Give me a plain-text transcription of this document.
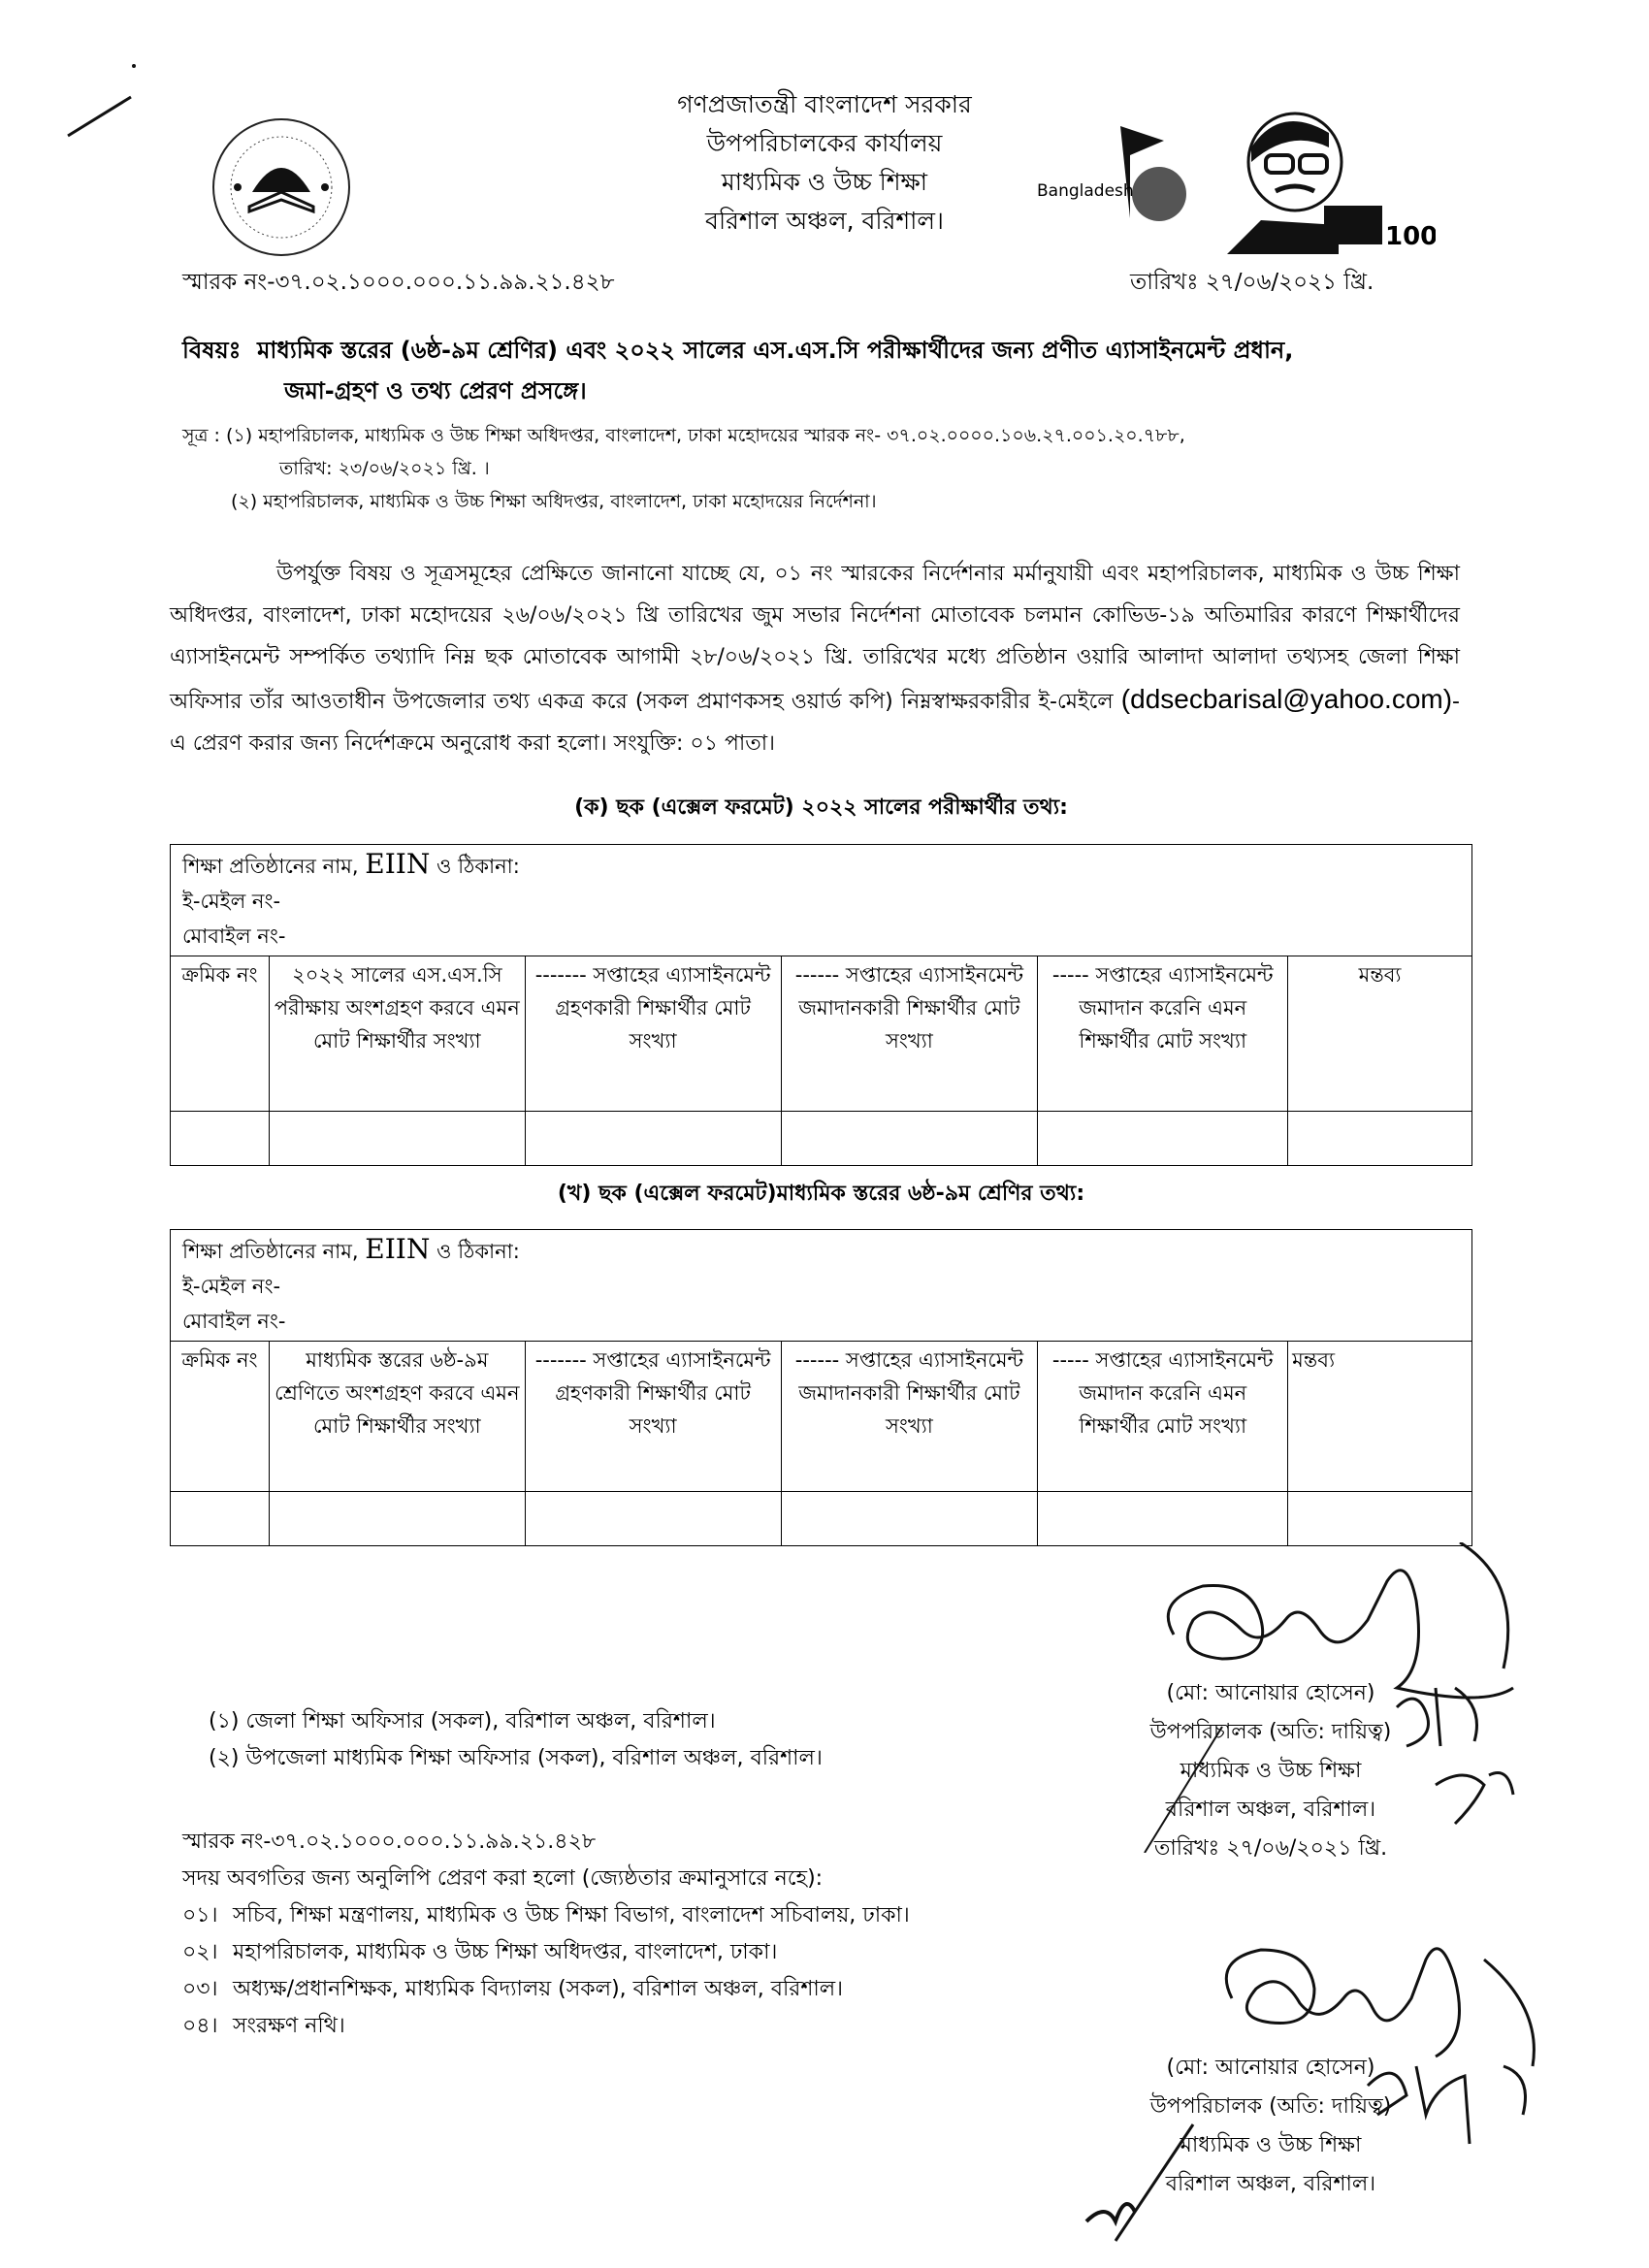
গণপ্রজাতন্ত্রী বাংলাদেশ সরকার
উপপরিচালকের কার্যালয়
মাধ্যমিক ও উচ্চ শিক্ষা
বরিশাল অঞ্চল, বরিশাল।
Bangladesh
100
স্মারক নং-৩৭.০২.১০০০.০০০.১১.৯৯.২১.৪২৮	তারিখঃ ২৭/০৬/২০২১ খ্রি.
বিষয়ঃ মাধ্যমিক স্তরের (৬ষ্ঠ-৯ম শ্রেণির) এবং ২০২২ সালের এস.এস.সি পরীক্ষার্থীদের জন্য প্রণীত এ্যাসাইনমেন্ট প্রধান,
জমা-গ্রহণ ও তথ্য প্রেরণ প্রসঙ্গে।
সূত্র : (১) মহাপরিচালক, মাধ্যমিক ও উচ্চ শিক্ষা অধিদপ্তর, বাংলাদেশ, ঢাকা মহোদয়ের স্মারক নং- ৩৭.০২.০০০০.১০৬.২৭.০০১.২০.৭৮৮,
তারিখ: ২৩/০৬/২০২১ খ্রি. ।
(২) মহাপরিচালক, মাধ্যমিক ও উচ্চ শিক্ষা অধিদপ্তর, বাংলাদেশ, ঢাকা মহোদয়ের নির্দেশনা।
উপর্যুক্ত বিষয় ও সূত্রসমূহের প্রেক্ষিতে জানানো যাচ্ছে যে, ০১ নং স্মারকের নির্দেশনার মর্মানুযায়ী এবং মহাপরিচালক, মাধ্যমিক ও উচ্চ শিক্ষা অধিদপ্তর, বাংলাদেশ, ঢাকা মহোদয়ের ২৬/০৬/২০২১ খ্রি তারিখের জুম সভার নির্দেশনা মোতাবেক চলমান কোভিড-১৯ অতিমারির কারণে শিক্ষার্থীদের এ্যাসাইনমেন্ট সম্পর্কিত তথ্যাদি নিম্ন ছক মোতাবেক আগামী ২৮/০৬/২০২১ খ্রি. তারিখের মধ্যে প্রতিষ্ঠান ওয়ারি আলাদা আলাদা তথ্যসহ জেলা শিক্ষা অফিসার তাঁর আওতাধীন উপজেলার তথ্য একত্র করে (সকল প্রমাণকসহ ওয়ার্ড কপি) নিম্নস্বাক্ষরকারীর ই-মেইলে (ddsecbarisal@yahoo.com)-এ প্রেরণ করার জন্য নির্দেশক্রমে অনুরোধ করা হলো। সংযুক্তি: ০১ পাতা।
(ক) ছক (এক্সেল ফরমেট) ২০২২ সালের পরীক্ষার্থীর তথ্য:
শিক্ষা প্রতিষ্ঠানের নাম, EIIN ও ঠিকানা:
ই-মেইল নং-
মোবাইল নং-					

ক্রমিক নং	২০২২ সালের এস.এস.সি পরীক্ষায় অংশগ্রহণ করবে এমন মোট শিক্ষার্থীর সংখ্যা	------- সপ্তাহের এ্যাসাইনমেন্ট গ্রহণকারী শিক্ষার্থীর মোট সংখ্যা	------ সপ্তাহের এ্যাসাইনমেন্ট জমাদানকারী শিক্ষার্থীর মোট সংখ্যা	----- সপ্তাহের এ্যাসাইনমেন্ট জমাদান করেনি এমন শিক্ষার্থীর মোট সংখ্যা	মন্তব্য

(খ) ছক (এক্সেল ফরমেট)মাধ্যমিক স্তরের ৬ষ্ঠ-৯ম শ্রেণির তথ্য:
শিক্ষা প্রতিষ্ঠানের নাম, EIIN ও ঠিকানা:
ই-মেইল নং-
মোবাইল নং-					

ক্রমিক নং	মাধ্যমিক স্তরের ৬ষ্ঠ-৯ম শ্রেণিতে অংশগ্রহণ করবে এমন মোট শিক্ষার্থীর সংখ্যা	------- সপ্তাহের এ্যাসাইনমেন্ট গ্রহণকারী শিক্ষার্থীর মোট সংখ্যা	------ সপ্তাহের এ্যাসাইনমেন্ট জমাদানকারী শিক্ষার্থীর মোট সংখ্যা	----- সপ্তাহের এ্যাসাইনমেন্ট জমাদান করেনি এমন শিক্ষার্থীর মোট সংখ্যা	মন্তব্য

(১) জেলা শিক্ষা অফিসার (সকল), বরিশাল অঞ্চল, বরিশাল।
(২) উপজেলা মাধ্যমিক শিক্ষা অফিসার (সকল), বরিশাল অঞ্চল, বরিশাল।
(মো: আনোয়ার হোসেন)
উপপরিচালক (অতি: দায়িত্ব)
মাধ্যমিক ও উচ্চ শিক্ষা
বরিশাল অঞ্চল, বরিশাল।
তারিখঃ ২৭/০৬/২০২১ খ্রি.
স্মারক নং-৩৭.০২.১০০০.০০০.১১.৯৯.২১.৪২৮
সদয় অবগতির জন্য অনুলিপি প্রেরণ করা হলো (জ্যেষ্ঠতার ক্রমানুসারে নহে):
০১। সচিব, শিক্ষা মন্ত্রণালয়, মাধ্যমিক ও উচ্চ শিক্ষা বিভাগ, বাংলাদেশ সচিবালয়, ঢাকা।
০২। মহাপরিচালক, মাধ্যমিক ও উচ্চ শিক্ষা অধিদপ্তর, বাংলাদেশ, ঢাকা।
০৩। অধ্যক্ষ/প্রধানশিক্ষক, মাধ্যমিক বিদ্যালয় (সকল), বরিশাল অঞ্চল, বরিশাল।
০৪। সংরক্ষণ নথি।
(মো: আনোয়ার হোসেন)
উপপরিচালক (অতি: দায়িত্ব)
মাধ্যমিক ও উচ্চ শিক্ষা
বরিশাল অঞ্চল, বরিশাল।
